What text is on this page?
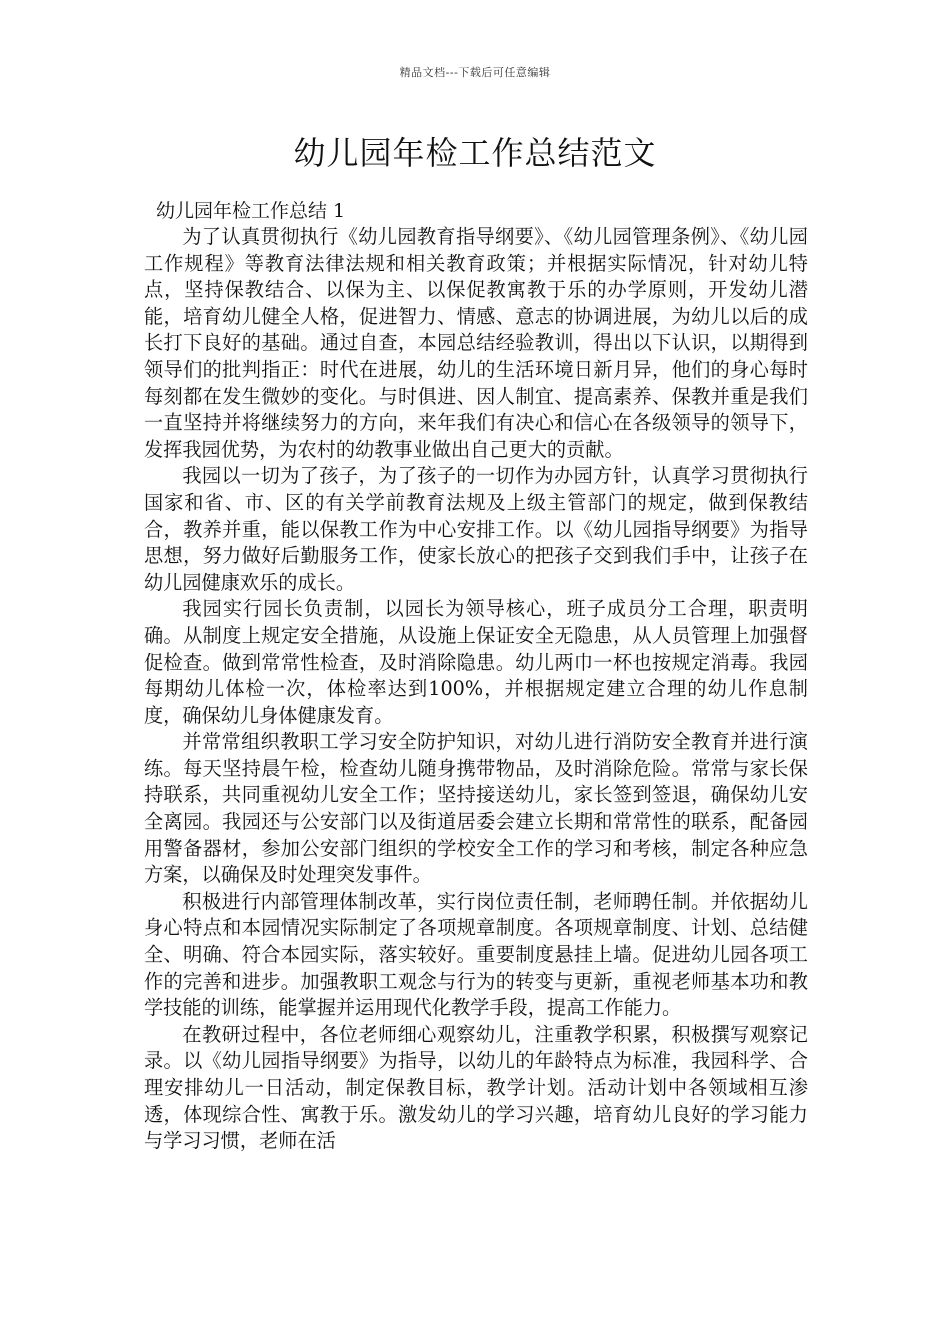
精品文档---下载后可任意编辑
幼儿园年检工作总结范文

幼儿园年检工作总结 1

为了认真贯彻执行《幼儿园教育指导纲要》、《幼儿园管理条例》、《幼儿园工作规程》等教育法律法规和相关教育政策；并根据实际情况，针对幼儿特点，坚持保教结合、以保为主、以保促教寓教于乐的办学原则，开发幼儿潜能，培育幼儿健全人格，促进智力、情感、意志的协调进展，为幼儿以后的成长打下良好的基础。通过自查，本园总结经验教训，得出以下认识，以期得到领导们的批判指正：时代在进展，幼儿的生活环境日新月异，他们的身心每时每刻都在发生微妙的变化。与时俱进、因人制宜、提高素养、保教并重是我们一直坚持并将继续努力的方向，来年我们有决心和信心在各级领导的领导下，发挥我园优势，为农村的幼教事业做出自己更大的贡献。

我园以一切为了孩子，为了孩子的一切作为办园方针，认真学习贯彻执行国家和省、市、区的有关学前教育法规及上级主管部门的规定，做到保教结合，教养并重，能以保教工作为中心安排工作。以《幼儿园指导纲要》为指导思想，努力做好后勤服务工作，使家长放心的把孩子交到我们手中，让孩子在幼儿园健康欢乐的成长。

我园实行园长负责制，以园长为领导核心，班子成员分工合理，职责明确。从制度上规定安全措施，从设施上保证安全无隐患，从人员管理上加强督促检查。做到常常性检查，及时消除隐患。幼儿两巾一杯也按规定消毒。我园每期幼儿体检一次，体检率达到100%，并根据规定建立合理的幼儿作息制度，确保幼儿身体健康发育。

并常常组织教职工学习安全防护知识，对幼儿进行消防安全教育并进行演练。每天坚持晨午检，检查幼儿随身携带物品，及时消除危险。常常与家长保持联系，共同重视幼儿安全工作；坚持接送幼儿，家长签到签退，确保幼儿安全离园。我园还与公安部门以及街道居委会建立长期和常常性的联系，配备园用警备器材，参加公安部门组织的学校安全工作的学习和考核，制定各种应急方案，以确保及时处理突发事件。

积极进行内部管理体制改革，实行岗位责任制，老师聘任制。并依据幼儿身心特点和本园情况实际制定了各项规章制度。各项规章制度、计划、总结健全、明确、符合本园实际，落实较好。重要制度悬挂上墙。促进幼儿园各项工作的完善和进步。加强教职工观念与行为的转变与更新，重视老师基本功和教学技能的训练，能掌握并运用现代化教学手段，提高工作能力。

在教研过程中，各位老师细心观察幼儿，注重教学积累，积极撰写观察记录。以《幼儿园指导纲要》为指导，以幼儿的年龄特点为标准，我园科学、合理安排幼儿一日活动，制定保教目标，教学计划。活动计划中各领域相互渗透，体现综合性、寓教于乐。激发幼儿的学习兴趣，培育幼儿良好的学习能力与学习习惯，老师在活
